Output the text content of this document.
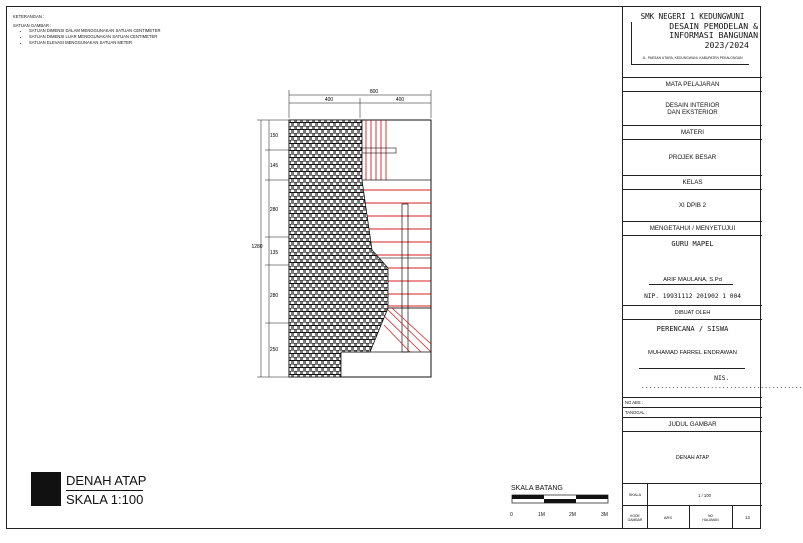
KETERANGAN :
SATUAN GAMBAR :
• SATUAN DIMENSI DALAM MENGGUNAKAN SATUAN CENTIMETER
• SATUAN DIMENSI LUAR MENGGUNAKAN SATUAN CENTIMETER
• SATUAN ELEVASI MENGGUNAKAN SATUAN METER
800
400	400
1280
150
145
280
135
280
250
DENAH ATAP
SKALA 1:100
SKALA BATANG
0	1M	2M	3M
SMK NEGERI 1 KEDUNGWUNI
DESAIN PEMODELAN & INFORMASI BANGUNAN
2023/2024
JL. PAESAN UTARA, KEDUNGWUNI, KABUPATEN PEKALONGAN
MATA PELAJARAN
DESAIN INTERIOR DAN EKSTERIOR
MATERI
PROJEK BESAR
KELAS
XI DPIB 2
MENGETAHUI / MENYETUJUI
GURU MAPEL
ARIF MAULANA, S.Pd
NIP. 19931112 201902 1 004
DIBUAT OLEH
PERENCANA / SISWA
MUHAMAD FARREL ENDRAWAN
NIS. ..........................................
NO ABS :
TANGGAL :
JUDUL GAMBAR
DENAH ATAP
SKALA	1 / 100
KODE GAMBAR	ARS	NO HALAMAN	13
